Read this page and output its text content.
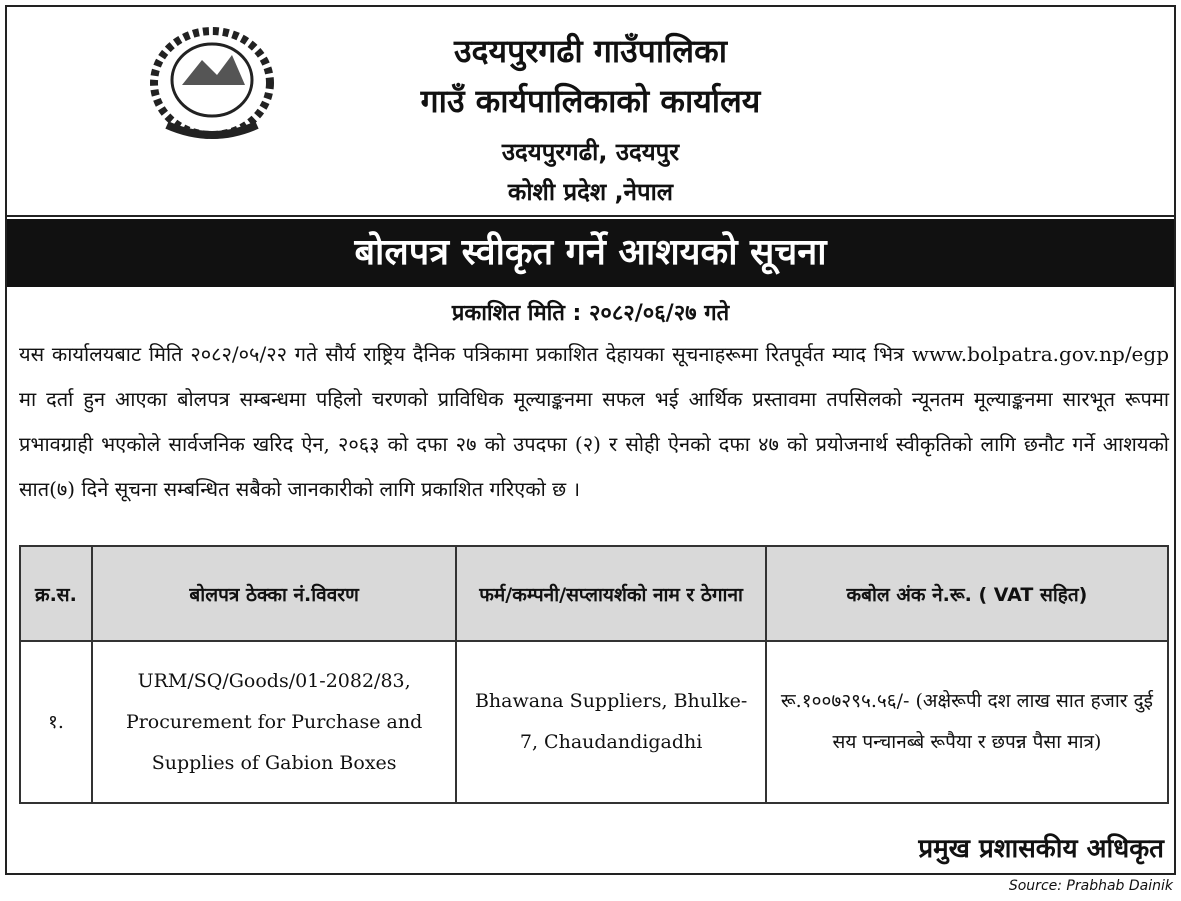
उदयपुरगढी गाउँपालिका
गाउँ कार्यपालिकाको कार्यालय
उदयपुरगढी, उदयपुर
कोशी प्रदेश ,नेपाल
बोलपत्र स्वीकृत गर्ने आशयको सूचना
प्रकाशित मिति : २०८२/०६/२७ गते
यस कार्यालयबाट मिति २०८२/०५/२२ गते सौर्य राष्ट्रिय दैनिक पत्रिकामा प्रकाशित देहायका सूचनाहरूमा रितपूर्वत म्याद भित्र www.bolpatra.gov.np/egp मा दर्ता हुन आएका बोलपत्र सम्बन्धमा पहिलो चरणको प्राविधिक मूल्याङ्कनमा सफल भई आर्थिक प्रस्तावमा तपसिलको न्यूनतम मूल्याङ्कनमा सारभूत रूपमा प्रभावग्राही भएकोले सार्वजनिक खरिद ऐन, २०६३ को दफा २७ को उपदफा (२) र सोही ऐनको दफा ४७ को प्रयोजनार्थ स्वीकृतिको लागि छनौट गर्ने आशयको सात(७) दिने सूचना सम्बन्धित सबैको जानकारीको लागि प्रकाशित गरिएको छ ।
क्र.स.	बोलपत्र ठेक्का नं.विवरण	फर्म/कम्पनी/सप्लायर्शको नाम र ठेगाना	कबोल अंक ने.रू. ( VAT सहित)
१.	URM/SQ/Goods/01-2082/83, Procurement for Purchase and Supplies of Gabion Boxes	Bhawana Suppliers, Bhulke-7, Chaudandigadhi	रू.१००७२९५.५६/- (अक्षेरूपी दश लाख सात हजार दुई सय पन्चानब्बे रूपैया र छपन्न पैसा मात्र)
प्रमुख प्रशासकीय अधिकृत
Source: Prabhab Dainik
